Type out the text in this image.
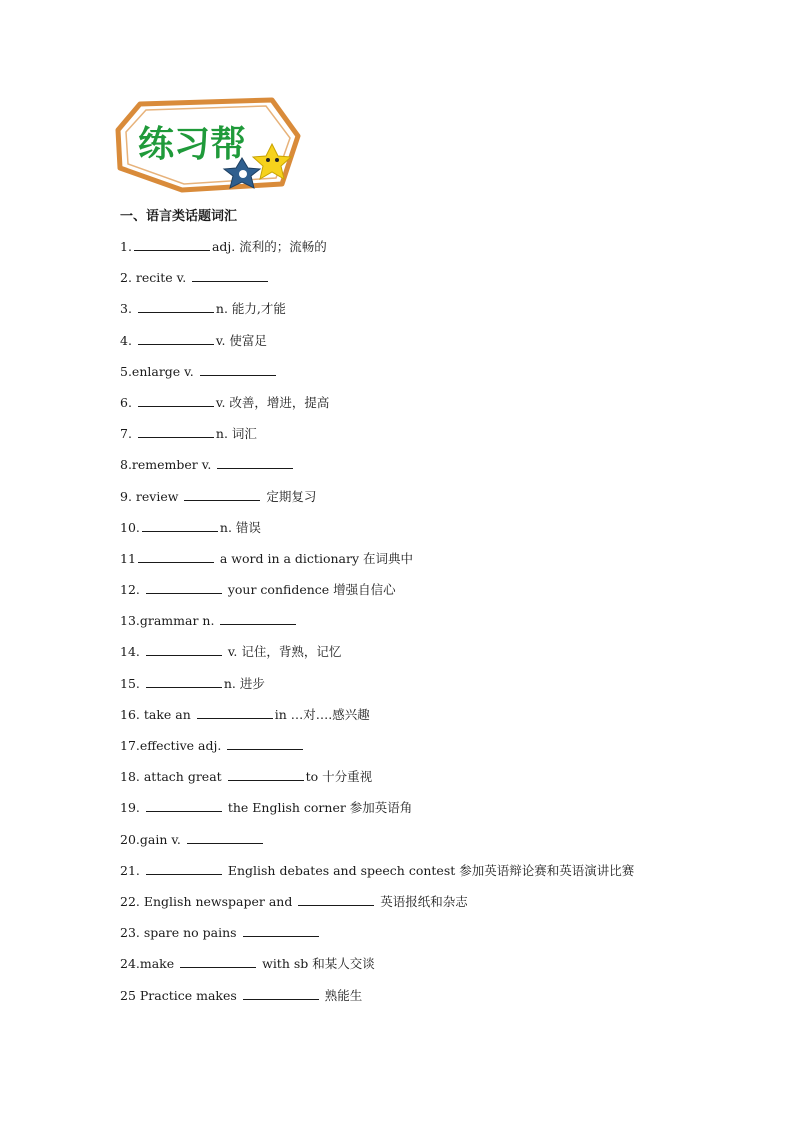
练习帮
一、语言类话题词汇
1.	adj. 流利的；流畅的
2. recite v.
3.	n. 能力,才能
4.	v. 使富足
5.enlarge v.
6.	v. 改善，增进，提高
7.	n. 词汇
8.remember v.
9. review	定期复习
10.	n. 错误
11	a word in a dictionary 在词典中
12.	your confidence 增强自信心
13.grammar n.
14.	v. 记住，背熟，记忆
15.	n. 进步
16. take an	in …对….感兴趣
17.effective adj.
18. attach great	to 十分重视
19.	the English corner 参加英语角
20.gain v.
21.	English debates and speech contest 参加英语辩论赛和英语演讲比赛
22. English newspaper and	英语报纸和杂志
23. spare no pains
24.make	with sb 和某人交谈
25 Practice makes	熟能生
